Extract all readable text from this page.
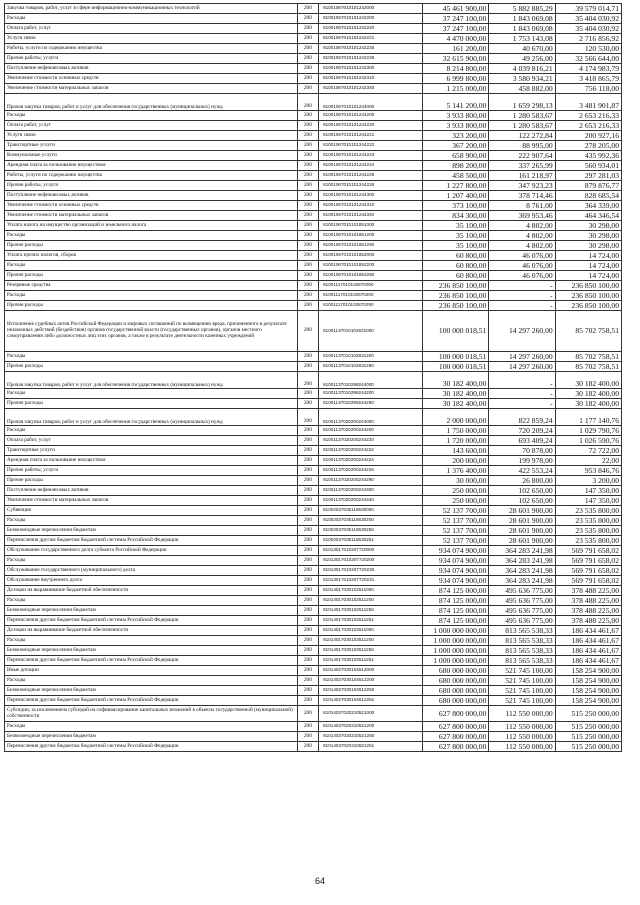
Закупка товаров, работ, услуг в сфере информационно-коммуникационных технологий	200	81001067010101242000	45 461 900,00	5 882 885,29	39 579 014,71
Расходы	200	81001067010101242200	37 247 100,00	1 843 069,08	35 404 030,92
Оплата работ, услуг	200	81001067010101242220	37 247 100,00	1 843 069,08	35 404 030,92
Услуги связи	200	81001067010101242221	4 470 000,00	1 753 143,08	2 716 856,92
Работы, услуги по содержанию имущества	200	81001067010101242225	161 200,00	40 670,00	120 530,00
Прочие работы, услуги	200	81001067010101242226	32 615 900,00	49 256,00	32 566 644,00
Поступление нефинансовых активов	200	81001067010101242300	8 214 800,00	4 039 816,21	4 174 983,79
Увеличение стоимости основных средств	200	81001067010101242310	6 999 800,00	3 580 934,21	3 418 865,79
Увеличение стоимости материальных запасов	200	81001067010101242340	1 215 000,00	458 882,00	756 118,00
Прочая закупка товаров, работ и услуг для обеспечения государственных (муниципальных) нужд	200	81001067010101244000	5 141 200,00	1 659 298,13	3 481 901,87
Расходы	200	81001067010101244200	3 933 800,00	1 280 583,67	2 653 216,33
Оплата работ, услуг	200	81001067010101244220	3 933 800,00	1 280 583,67	2 653 216,33
Услуги связи	200	81001067010101244221	323 200,00	122 272,84	200 927,16
Транспортные услуги	200	81001067010101244222	367 200,00	88 995,00	278 205,00
Коммунальные услуги	200	81001067010101244223	658 900,00	222 907,64	435 992,36
Арендная плата за пользование имуществом	200	81001067010101244224	898 200,00	337 265,99	560 934,01
Работы, услуги по содержанию имущества	200	81001067010101244225	458 500,00	161 218,97	297 281,03
Прочие работы, услуги	200	81001067010101244226	1 227 800,00	347 923,23	879 876,77
Поступление нефинансовых активов	200	81001067010101244300	1 207 400,00	378 714,46	828 685,54
Увеличение стоимости основных средств	200	81001067010101244310	373 100,00	8 761,00	364 339,00
Увеличение стоимости материальных запасов	200	81001067010101244340	834 300,00	369 953,46	464 346,54
Уплата налога на имущество организаций и земельного налога	200	81001067010101851000	35 100,00	4 802,00	30 298,00
Расходы	200	81001067010101851200	35 100,00	4 802,00	30 298,00
Прочие расходы	200	81001067010101851290	35 100,00	4 802,00	30 298,00
Уплата прочих налогов, сборов	200	81001067010101852000	60 800,00	46 076,00	14 724,00
Расходы	200	81001067010101852200	60 800,00	46 076,00	14 724,00
Прочие расходы	200	81001067010101852290	60 800,00	46 076,00	14 724,00
Резервные средства	200	81001117010102870000	236 850 100,00	-	236 850 100,00
Расходы	200	81001117010102870200	236 850 100,00	-	236 850 100,00
Прочие расходы	200	81001117010102870290	236 850 100,00	-	236 850 100,00
Исполнение судебных актов Российской Федерации и мировых соглашений по возмещению вреда, причиненного в результате незаконных действий (бездействия) органов государственной власти (государственных органов), органов местного самоуправления либо должностных лиц этих органов, а также в результате деятельности казенных учреждений	200	81001137010102831000	100 000 018,51	14 297 260,00	85 702 758,51
Расходы	200	81001137010102831200	100 000 018,51	14 297 260,00	85 702 758,51
Прочие расходы	200	81001137010102831290	100 000 018,51	14 297 260,00	85 702 758,51
Прочая закупка товаров, работ и услуг для обеспечения государственных (муниципальных) нужд	200	81001137010299244000	30 182 400,00	-	30 182 400,00
Расходы	200	81001137010299244200	30 182 400,00	-	30 182 400,00
Прочие расходы	200	81001137010299244290	30 182 400,00	-	30 182 400,00
Прочая закупка товаров, работ и услуг для обеспечения государственных (муниципальных) нужд	200	81001137020200244000	2 000 000,00	822 859,24	1 177 140,76
Расходы	200	81001137020200244200	1 750 000,00	720 209,24	1 029 790,76
Оплата работ, услуг	200	81001137020200244220	1 720 000,00	693 409,24	1 026 590,76
Транспортные услуги	200	81001137020200244222	143 600,00	70 878,00	72 722,00
Арендная плата за пользование имуществом	200	81001137020200244224	200 000,00	199 978,00	22,00
Прочие работы, услуги	200	81001137020200244226	1 376 400,00	422 553,24	953 846,76
Прочие расходы	200	81001137020200244290	30 000,00	26 800,00	3 200,00
Поступление нефинансовых активов	200	81001137020200244300	250 000,00	102 650,00	147 350,00
Увеличение стоимости материальных запасов	200	81001137020200244340	250 000,00	102 650,00	147 350,00
Субвенции	200	81002037035118530000	52 137 700,00	28 601 900,00	23 535 800,00
Расходы	200	81002037035118530200	52 137 700,00	28 601 900,00	23 535 800,00
Безвозмездные перечисления бюджетам	200	81002037035118530250	52 137 700,00	28 601 900,00	23 535 800,00
Перечисления другим бюджетам бюджетной системы Российской Федерации	200	81002037035118530251	52 137 700,00	28 601 900,00	23 535 800,00
Обслуживание государственного долга субъекта Российской Федерации	200	81013017010207720000	934 074 900,00	364 283 241,98	569 791 658,02
Расходы	200	81013017010207720200	934 074 900,00	364 283 241,98	569 791 658,02
Обслуживание государственного (муниципального) долга	200	81013017010207720230	934 074 900,00	364 283 241,98	569 791 658,02
Обслуживание внутреннего долга	200	81013017010207720231	934 074 900,00	364 283 241,98	569 791 658,02
Дотации на выравнивание бюджетной обеспеченности	200	81014017030102511000	874 125 000,00	495 636 775,00	378 488 225,00
Расходы	200	81014017030102511200	874 125 000,00	495 636 775,00	378 488 225,00
Безвозмездные перечисления бюджетам	200	81014017030102511250	874 125 000,00	495 636 775,00	378 488 225,00
Перечисления другим бюджетам бюджетной системы Российской Федерации	200	81014017030102511251	874 125 000,00	495 636 775,00	378 488 225,00
Дотации на выравнивание бюджетной обеспеченности	200	81014017030103511000	1 000 000 000,00	813 565 538,33	186 434 461,67
Расходы	200	81014017030103511200	1 000 000 000,00	813 565 538,33	186 434 461,67
Безвозмездные перечисления бюджетам	200	81014017030103511250	1 000 000 000,00	813 565 538,33	186 434 461,67
Перечисления другим бюджетам бюджетной системы Российской Федерации	200	81014017030103511251	1 000 000 000,00	813 565 538,33	186 434 461,67
Иные дотации	200	81014027030104512000	680 000 000,00	521 745 100,00	158 254 900,00
Расходы	200	81014027030104512200	680 000 000,00	521 745 100,00	158 254 900,00
Безвозмездные перечисления бюджетам	200	81014027030104512250	680 000 000,00	521 745 100,00	158 254 900,00
Перечисления другим бюджетам бюджетной системы Российской Федерации	200	81014027030104512251	680 000 000,00	521 745 100,00	158 254 900,00
Субсидии, за исключением субсидий на софинансирование капитальных вложений в объекты государственной (муниципальной) собственности	200	81014037020210521000	627 800 000,00	112 550 000,00	515 250 000,00
Расходы	200	81014037020210521200	627 800 000,00	112 550 000,00	515 250 000,00
Безвозмездные перечисления бюджетам	200	81014037020210521250	627 800 000,00	112 550 000,00	515 250 000,00
Перечисления другим бюджетам бюджетной системы Российской Федерации	200	81014037020210521251	627 800 000,00	112 550 000,00	515 250 000,00
64
